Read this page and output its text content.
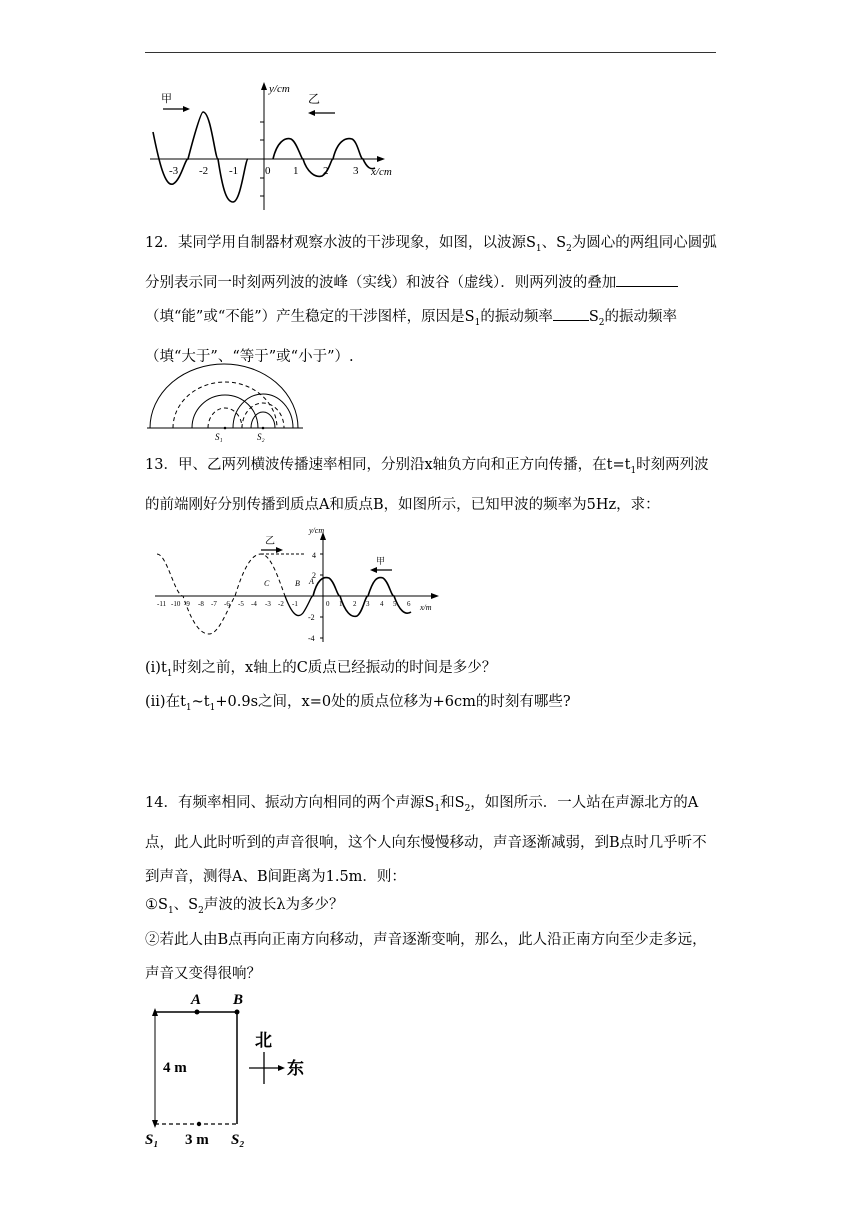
甲	乙
y/cm
x/cm
-3 -2 -1 0 1 2 3

12．某同学用自制器材观察水波的干涉现象，如图，以波源$S_1$、$S_2$为圆心的两组同心圆弧分别表示同一时刻两列波的波峰（实线）和波谷（虚线）．则两列波的叠加（填“能”或“不能”）产生稳定的干涉图样，原因是$S_1$的振动频率 $S_2$的振动频率（填“大于”、“等于”或“小于”）.

S₁	S₂

13．甲、乙两列横波传播速率相同，分别沿x轴负方向和正方向传播，在$t=t_1$时刻两列波的前端刚好分别传播到质点A和质点B，如图所示，已知甲波的频率为5Hz，求：

y/cm
x/m
乙
甲
C	B A
4
2
-2
-4
-11 -10 -9 -8 -7 -6 -5 -4 -3 -2 -1	0 1 2 3 4 5 6

$(i)t_1$时刻之前，x轴上的C质点已经振动的时间是多少？

(ii)在$t_1\sim t_1+0.9s$之间，x=0处的质点位移为+6cm的时刻有哪些?

14．有频率相同、振动方向相同的两个声源$S_1$和$S_2$，如图所示．一人站在声源北方的A点，此人此时听到的声音很响，这个人向东慢慢移动，声音逐渐减弱，到B点时几乎听不到声音，测得A、B间距离为1.5m．则：

$①S_1$、$S_2$声波的波长λ为多少？

②若此人由B点再向正南方向移动，声音逐渐变响，那么，此人沿正南方向至少走多远，声音又变得很响？

A B
4 m
3 m
S₁	S₂
北
东
